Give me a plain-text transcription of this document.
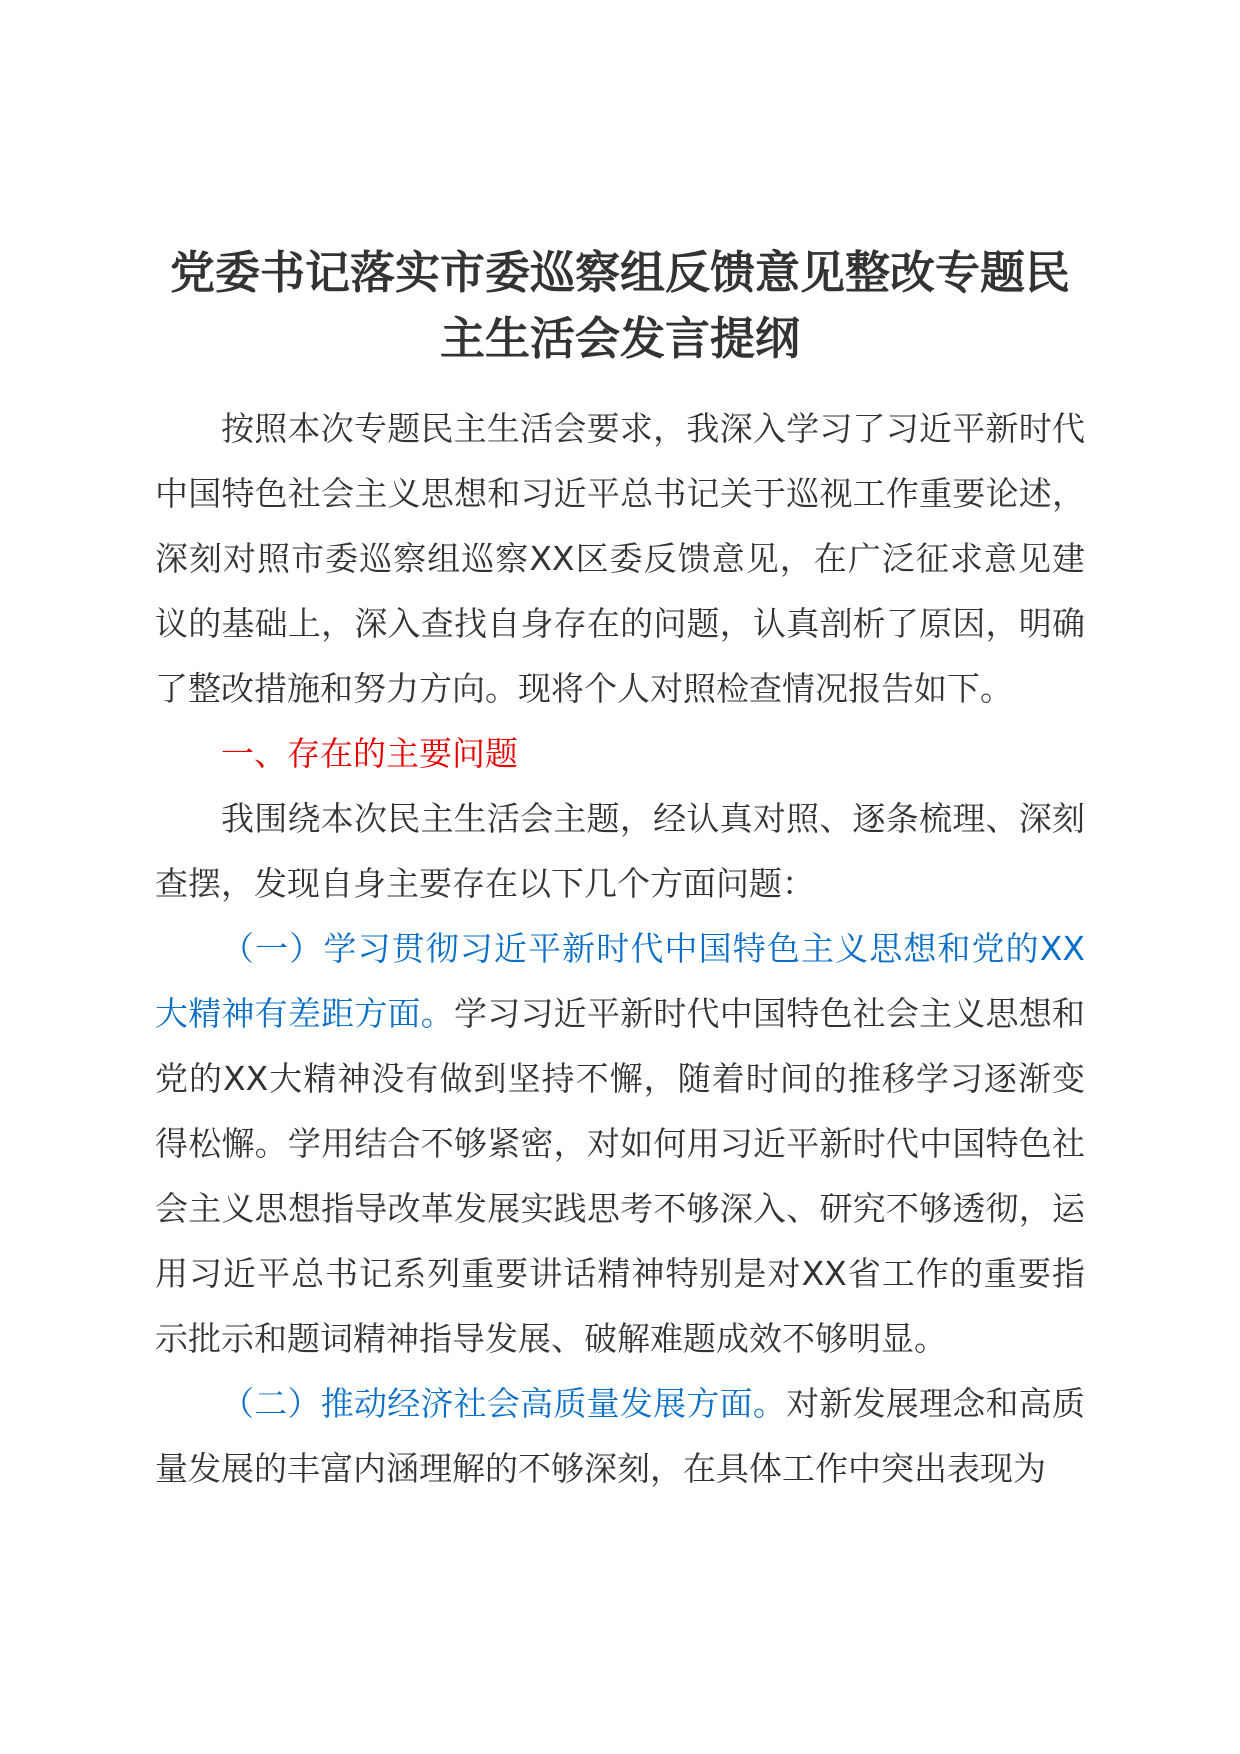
党委书记落实市委巡察组反馈意见整改专题民
主生活会发言提纲

按照本次专题民主生活会要求，我深入学习了习近平新时代中国特色社会主义思想和习近平总书记关于巡视工作重要论述，深刻对照市委巡察组巡察XX区委反馈意见，在广泛征求意见建议的基础上，深入查找自身存在的问题，认真剖析了原因，明确了整改措施和努力方向。现将个人对照检查情况报告如下。

一、存在的主要问题

我围绕本次民主生活会主题，经认真对照、逐条梳理、深刻查摆，发现自身主要存在以下几个方面问题：

（一）学习贯彻习近平新时代中国特色主义思想和党的XX大精神有差距方面。学习习近平新时代中国特色社会主义思想和党的XX大精神没有做到坚持不懈，随着时间的推移学习逐渐变得松懈。学用结合不够紧密，对如何用习近平新时代中国特色社会主义思想指导改革发展实践思考不够深入、研究不够透彻，运用习近平总书记系列重要讲话精神特别是对XX省工作的重要指示批示和题词精神指导发展、破解难题成效不够明显。

（二）推动经济社会高质量发展方面。对新发展理念和高质量发展的丰富内涵理解的不够深刻，在具体工作中突出表现为
